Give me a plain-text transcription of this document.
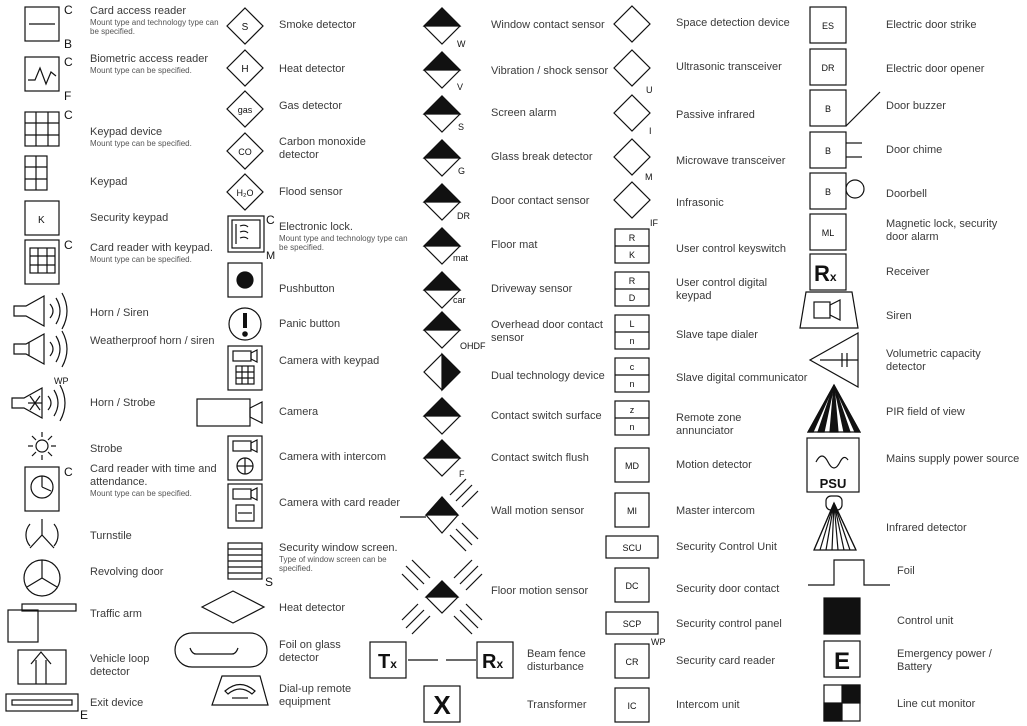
C
B
C
F
C
K
C
WP
C
E
S
H
gas
CO
H₂O
C
M
S
W
V
S
G
DR
mat
car
OHDF
F
Tx	Rx
X
U
I
M
IF
R
K
R
D
L
n
c
n
z
n
MD
MI
SCU
DC
SCP
CR
WP
IC
ES
DR
B
B
B
ML
Rx
PSU
E
Card access reader
Mount type and technology type can be specified.
Biometric access reader
Mount type can be specified.
Keypad device
Mount type can be specified.
Keypad
Security keypad
Card reader with keypad.
Mount type can be specified.
Horn / Siren
Weatherproof horn / siren
Horn / Strobe
Strobe
Card reader with time and attendance.
Mount type can be specified.
Turnstile
Revolving door
Traffic arm
Vehicle loop detector
Exit device
Smoke detector
Heat detector
Gas detector
Carbon monoxide detector
Flood sensor
Electronic lock.
Mount type and technology type can be specified.
Pushbutton
Panic button
Camera with keypad
Camera
Camera with intercom
Camera with card reader
Security window screen.
Type of window screen can be specified.
Heat detector
Foil on glass detector
Dial-up remote equipment
Window contact sensor
Vibration / shock sensor
Screen alarm
Glass break detector
Door contact sensor
Floor mat
Driveway sensor
Overhead door contact sensor
Dual technology device
Contact switch surface
Contact switch flush
Wall motion sensor
Floor motion sensor
Beam fence disturbance
Transformer
Space detection device
Ultrasonic transceiver
Passive infrared
Microwave transceiver
Infrasonic
User control keyswitch
User control digital keypad
Slave tape dialer
Slave digital communicator
Remote zone annunciator
Motion detector
Master intercom
Security Control Unit
Security door contact
Security control panel
Security card reader
Intercom unit
Electric door strike
Electric door opener
Door buzzer
Door chime
Doorbell
Magnetic lock, security door alarm
Receiver
Siren
Volumetric capacity detector
PIR field of view
Mains supply power source
Infrared detector
Foil
Control unit
Emergency power / Battery
Line cut monitor
